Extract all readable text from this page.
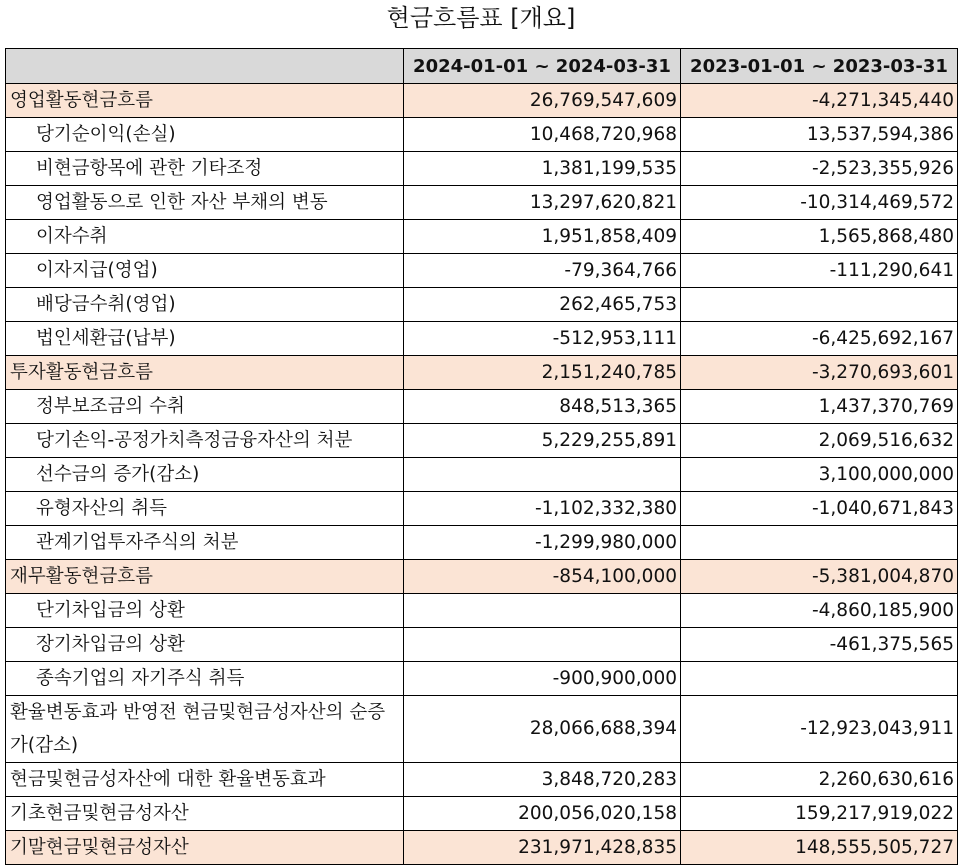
현금흐름표 [개요]
	2024-01-01 ~ 2024-03-31	2023-01-01 ~ 2023-03-31
영업활동현금흐름	26,769,547,609	-4,271,345,440
당기순이익(손실)	10,468,720,968	13,537,594,386
비현금항목에 관한 기타조정	1,381,199,535	-2,523,355,926
영업활동으로 인한 자산 부채의 변동	13,297,620,821	-10,314,469,572
이자수취	1,951,858,409	1,565,868,480
이자지급(영업)	-79,364,766	-111,290,641
배당금수취(영업)	262,465,753	
법인세환급(납부)	-512,953,111	-6,425,692,167
투자활동현금흐름	2,151,240,785	-3,270,693,601
정부보조금의 수취	848,513,365	1,437,370,769
당기손익-공정가치측정금융자산의 처분	5,229,255,891	2,069,516,632
선수금의 증가(감소)		3,100,000,000
유형자산의 취득	-1,102,332,380	-1,040,671,843
관계기업투자주식의 처분	-1,299,980,000	
재무활동현금흐름	-854,100,000	-5,381,004,870
단기차입금의 상환		-4,860,185,900
장기차입금의 상환		-461,375,565
종속기업의 자기주식 취득	-900,900,000	
환율변동효과 반영전 현금및현금성자산의 순증가(감소)	28,066,688,394	-12,923,043,911
현금및현금성자산에 대한 환율변동효과	3,848,720,283	2,260,630,616
기초현금및현금성자산	200,056,020,158	159,217,919,022
기말현금및현금성자산	231,971,428,835	148,555,505,727
